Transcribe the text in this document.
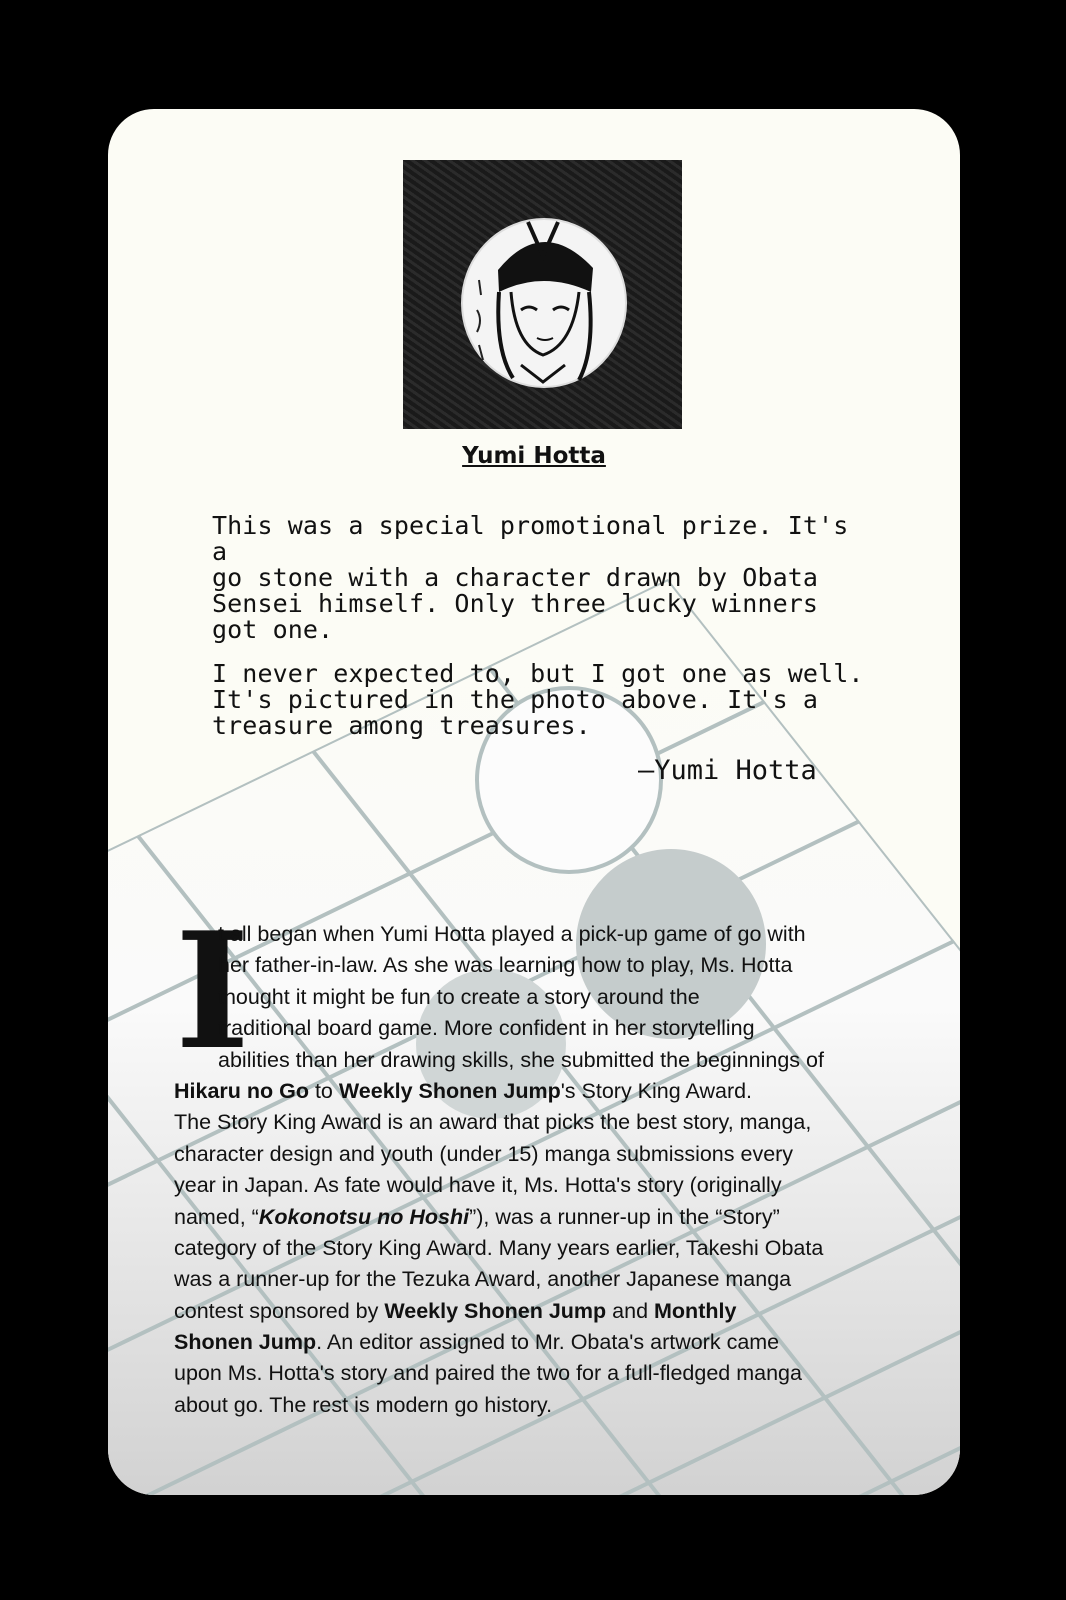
Yumi Hotta

This was a special promotional prize. It's a
go stone with a character drawn by Obata
Sensei himself. Only three lucky winners
got one.

I never expected to, but I got one as well.
It's pictured in the photo above. It's a
treasure among treasures.

—Yumi Hotta
I
t all began when Yumi Hotta played a pick-up game of go with
her father-in-law. As she was learning how to play, Ms. Hotta
thought it might be fun to create a story around the
traditional board game. More confident in her storytelling
abilities than her drawing skills, she submitted the beginnings of
Hikaru no Go to Weekly Shonen Jump's Story King Award.
The Story King Award is an award that picks the best story, manga,
character design and youth (under 15) manga submissions every
year in Japan. As fate would have it, Ms. Hotta's story (originally
named, “Kokonotsu no Hoshi”), was a runner-up in the “Story”
category of the Story King Award. Many years earlier, Takeshi Obata
was a runner-up for the Tezuka Award, another Japanese manga
contest sponsored by Weekly Shonen Jump and Monthly
Shonen Jump. An editor assigned to Mr. Obata's artwork came
upon Ms. Hotta's story and paired the two for a full-fledged manga
about go. The rest is modern go history.
